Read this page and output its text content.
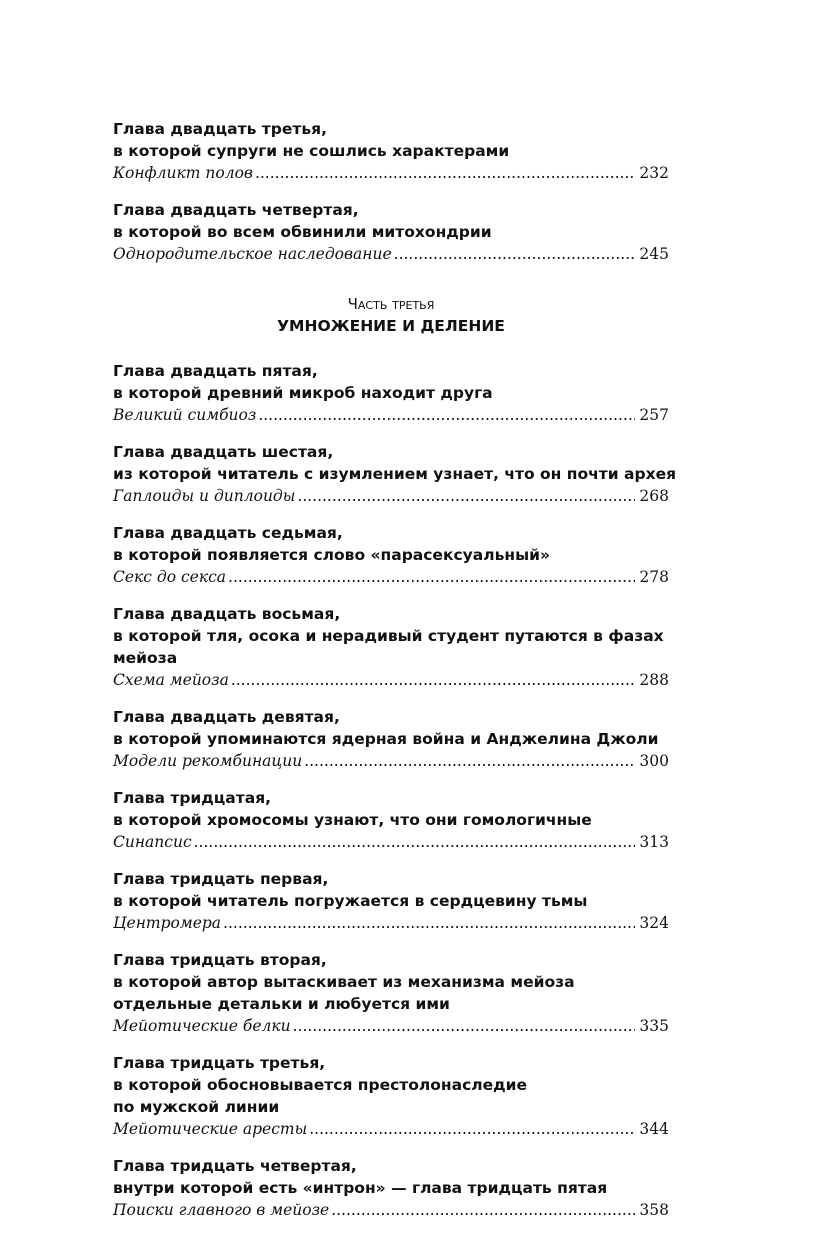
Глава двадцать третья,
в которой супруги не сошлись характерами
Конфликт полов .....	232
Глава двадцать четвертая,
в которой во всем обвинили митохондрии
Однородительское наследование .....	245
Часть третья
УМНОЖЕНИЕ И ДЕЛЕНИЕ
Глава двадцать пятая,
в которой древний микроб находит друга
Великий симбиоз .....	257
Глава двадцать шестая,
из которой читатель с изумлением узнает, что он почти архея
Гаплоиды и диплоиды .....	268
Глава двадцать седьмая,
в которой появляется слово «парасексуальный»
Секс до секса .....	278
Глава двадцать восьмая,
в которой тля, осока и нерадивый студент путаются в фазах
мейоза
Схема мейоза .....	288
Глава двадцать девятая,
в которой упоминаются ядерная война и Анджелина Джоли
Модели рекомбинации .....	300
Глава тридцатая,
в которой хромосомы узнают, что они гомологичные
Синапсис .....	313
Глава тридцать первая,
в которой читатель погружается в сердцевину тьмы
Центромера .....	324
Глава тридцать вторая,
в которой автор вытаскивает из механизма мейоза
отдельные детальки и любуется ими
Мейотические белки .....	335
Глава тридцать третья,
в которой обосновывается престолонаследие
по мужской линии
Мейотические аресты .....	344
Глава тридцать четвертая,
внутри которой есть «интрон» — глава тридцать пятая
Поиски главного в мейозе .....	358
